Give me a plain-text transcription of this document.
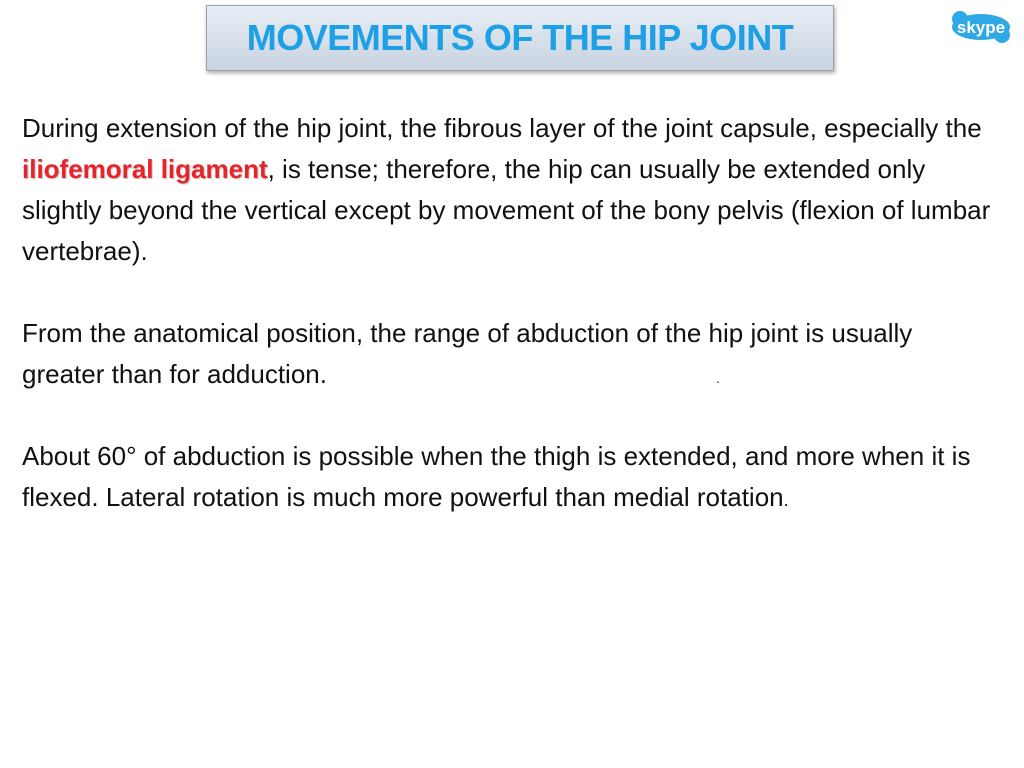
MOVEMENTS OF THE HIP JOINT	skype

During extension of the hip joint, the fibrous layer of the joint capsule, especially the iliofemoral ligament, is tense; therefore, the hip can usually be extended only slightly beyond the vertical except by movement of the bony pelvis (flexion of lumbar vertebrae).

From the anatomical position, the range of abduction of the hip joint is usually greater than for adduction.

About 60° of abduction is possible when the thigh is extended, and more when it is flexed. Lateral rotation is much more powerful than medial rotation.

.
